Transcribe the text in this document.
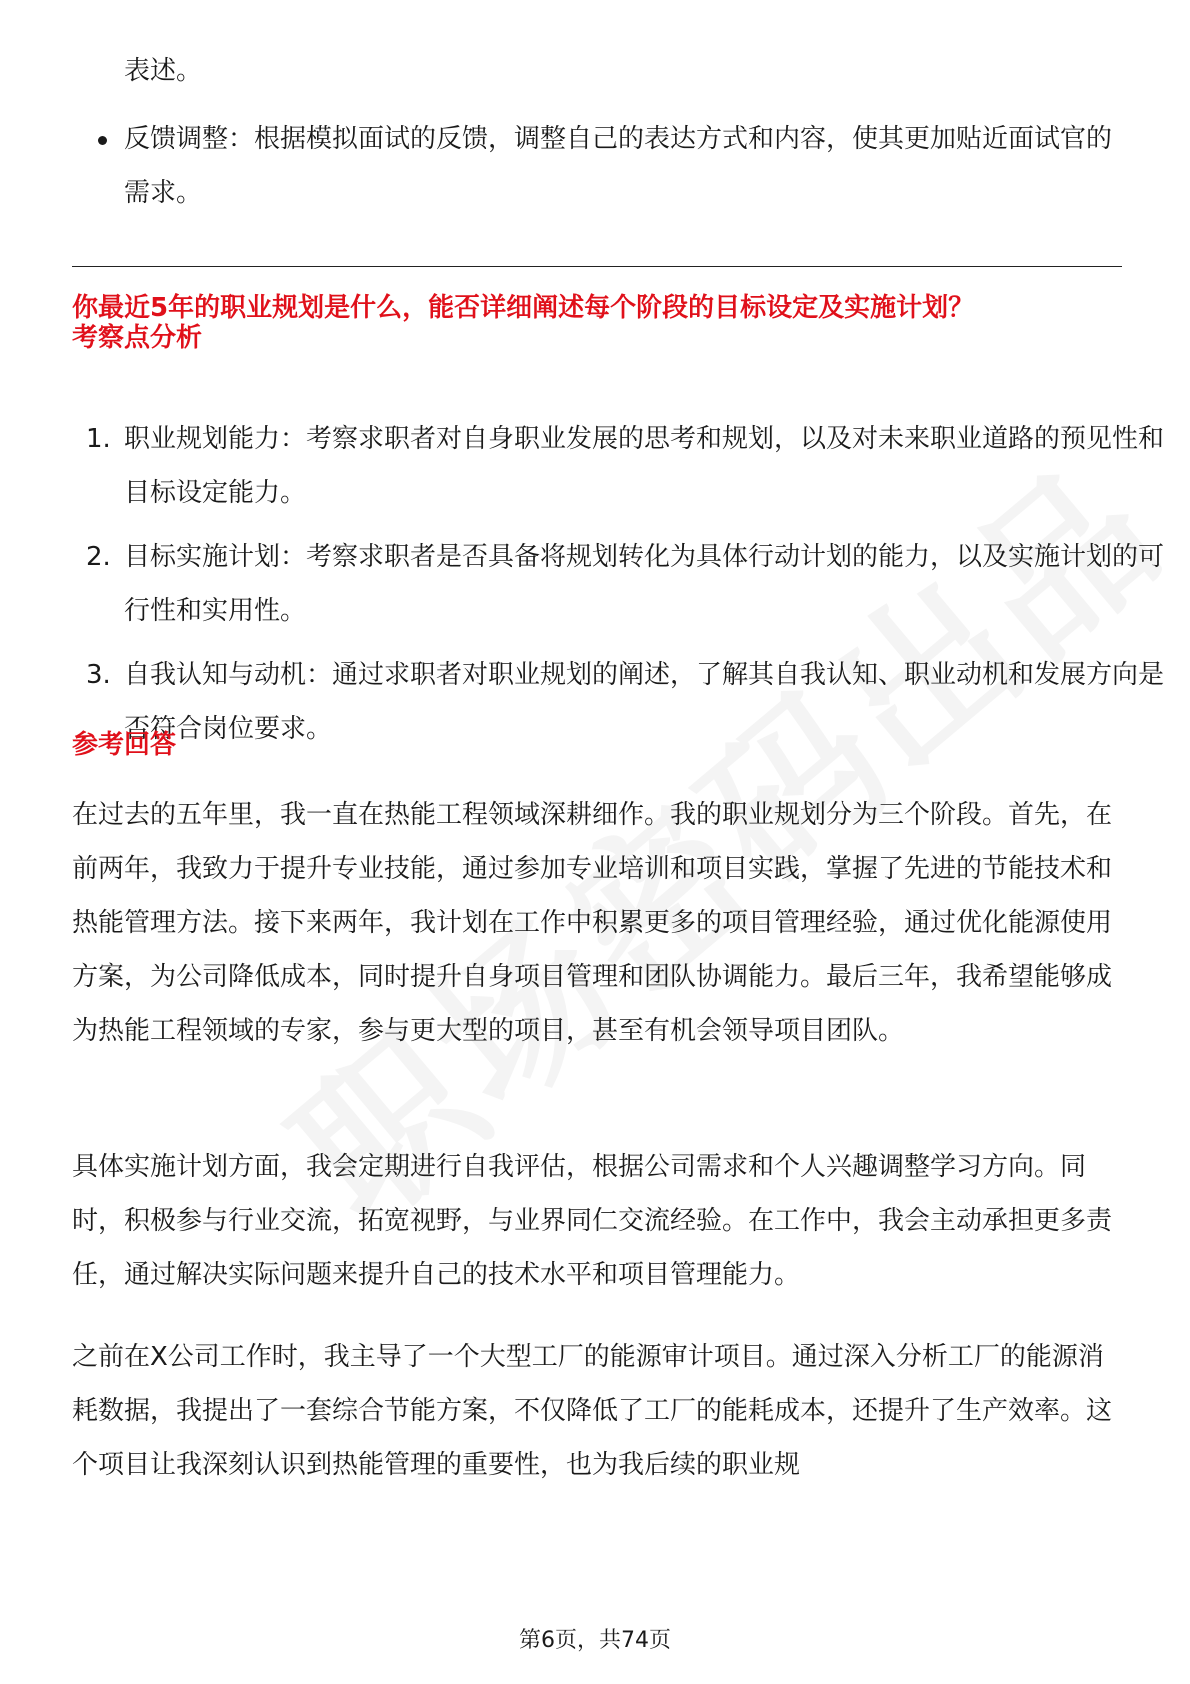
表述。
反馈调整：根据模拟面试的反馈，调整自己的表达方式和内容，使其更加贴近面试官的需求。
你最近5年的职业规划是什么，能否详细阐述每个阶段的目标设定及实施计划？
考察点分析
1. 职业规划能力：考察求职者对自身职业发展的思考和规划，以及对未来职业道路的预见性和目标设定能力。
2. 目标实施计划：考察求职者是否具备将规划转化为具体行动计划的能力，以及实施计划的可行性和实用性。
3. 自我认知与动机：通过求职者对职业规划的阐述，了解其自我认知、职业动机和发展方向是否符合岗位要求。
参考回答

在过去的五年里，我一直在热能工程领域深耕细作。我的职业规划分为三个阶段。首先，在前两年，我致力于提升专业技能，通过参加专业培训和项目实践，掌握了先进的节能技术和热能管理方法。接下来两年，我计划在工作中积累更多的项目管理经验，通过优化能源使用方案，为公司降低成本，同时提升自身项目管理和团队协调能力。最后三年，我希望能够成为热能工程领域的专家，参与更大型的项目，甚至有机会领导项目团队。

具体实施计划方面，我会定期进行自我评估，根据公司需求和个人兴趣调整学习方向。同时，积极参与行业交流，拓宽视野，与业界同仁交流经验。在工作中，我会主动承担更多责任，通过解决实际问题来提升自己的技术水平和项目管理能力。

之前在X公司工作时，我主导了一个大型工厂的能源审计项目。通过深入分析工厂的能源消耗数据，我提出了一套综合节能方案，不仅降低了工厂的能耗成本，还提升了生产效率。这个项目让我深刻认识到热能管理的重要性，也为我后续的职业规

第6页，共74页
